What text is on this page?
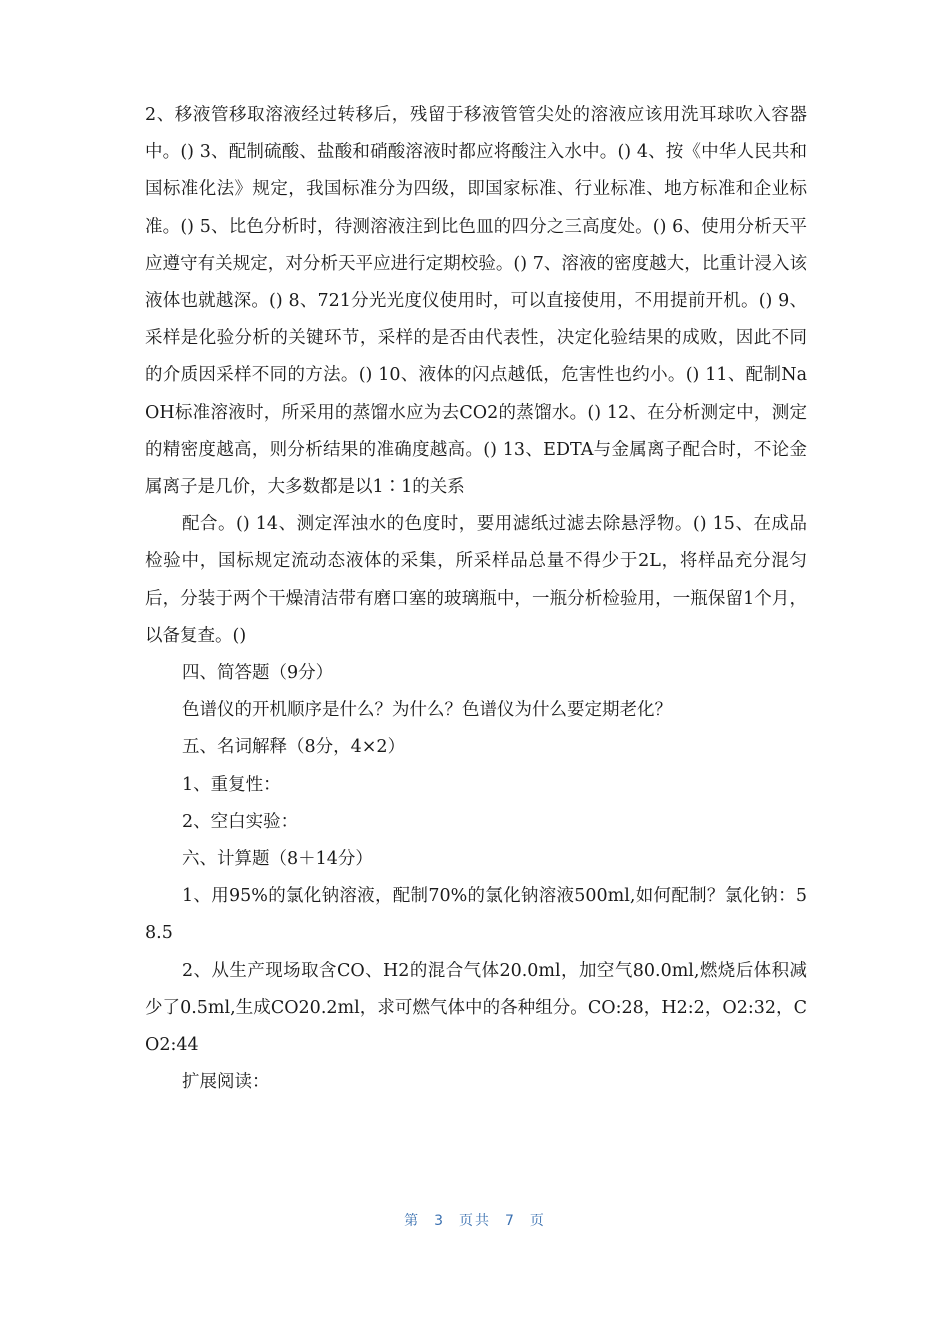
2、移液管移取溶液经过转移后，残留于移液管管尖处的溶液应该用洗耳球吹入容器中。() 3、配制硫酸、盐酸和硝酸溶液时都应将酸注入水中。() 4、按《中华人民共和国标准化法》规定，我国标准分为四级，即国家标准、行业标准、地方标准和企业标准。() 5、比色分析时，待测溶液注到比色皿的四分之三高度处。() 6、使用分析天平应遵守有关规定，对分析天平应进行定期校验。() 7、溶液的密度越大，比重计浸入该液体也就越深。() 8、721分光光度仪使用时，可以直接使用，不用提前开机。() 9、采样是化验分析的关键环节，采样的是否由代表性，决定化验结果的成败，因此不同的介质因采样不同的方法。() 10、液体的闪点越低，危害性也约小。() 11、配制NaOH标准溶液时，所采用的蒸馏水应为去CO2的蒸馏水。() 12、在分析测定中，测定的精密度越高，则分析结果的准确度越高。() 13、EDTA与金属离子配合时，不论金属离子是几价，大多数都是以1∶1的关系

配合。() 14、测定浑浊水的色度时，要用滤纸过滤去除悬浮物。() 15、在成品检验中，国标规定流动态液体的采集，所采样品总量不得少于2L，将样品充分混匀后，分装于两个干燥清洁带有磨口塞的玻璃瓶中，一瓶分析检验用，一瓶保留1个月，以备复查。()

四、简答题（9分）

色谱仪的开机顺序是什么？为什么？色谱仪为什么要定期老化？

五、名词解释（8分，4×2）

1、重复性：

2、空白实验：

六、计算题（8＋14分）

1、用95%的氯化钠溶液，配制70%的氯化钠溶液500ml,如何配制？氯化钠：58.5

2、从生产现场取含CO、H2的混合气体20.0ml，加空气80.0ml,燃烧后体积减少了0.5ml,生成CO20.2ml，求可燃气体中的各种组分。CO:28，H2:2，O2:32，CO2:44

扩展阅读：

第 3 页共 7 页
